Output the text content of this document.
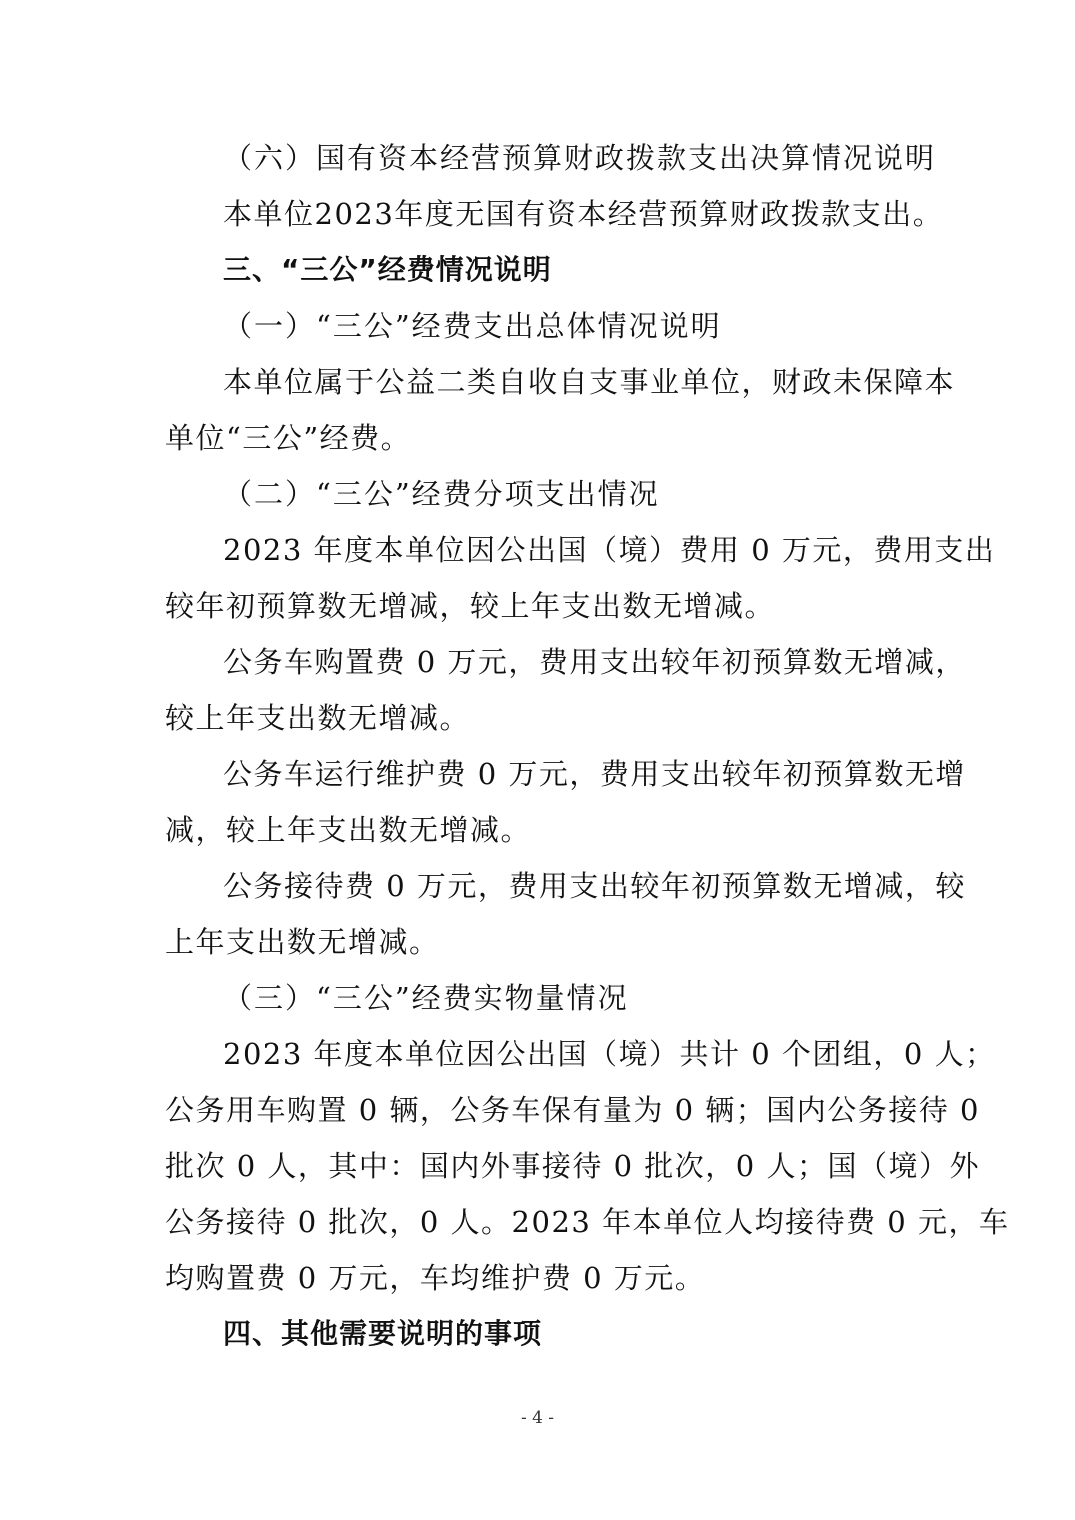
（六）国有资本经营预算财政拨款支出决算情况说明
本单位2023年度无国有资本经营预算财政拨款支出。
三、“三公”经费情况说明
（一）“三公”经费支出总体情况说明
本单位属于公益二类自收自支事业单位，财政未保障本
单位“三公”经费。
（二）“三公”经费分项支出情况
2023 年度本单位因公出国（境）费用 0 万元，费用支出
较年初预算数无增减，较上年支出数无增减。
公务车购置费 0 万元，费用支出较年初预算数无增减，
较上年支出数无增减。
公务车运行维护费 0 万元，费用支出较年初预算数无增
减，较上年支出数无增减。
公务接待费 0 万元，费用支出较年初预算数无增减，较
上年支出数无增减。
（三）“三公”经费实物量情况
2023 年度本单位因公出国（境）共计 0 个团组，0 人；
公务用车购置 0 辆，公务车保有量为 0 辆；国内公务接待 0
批次 0 人，其中：国内外事接待 0 批次，0 人；国（境）外
公务接待 0 批次，0 人。2023 年本单位人均接待费 0 元，车
均购置费 0 万元，车均维护费 0 万元。
四、其他需要说明的事项
- 4 -
